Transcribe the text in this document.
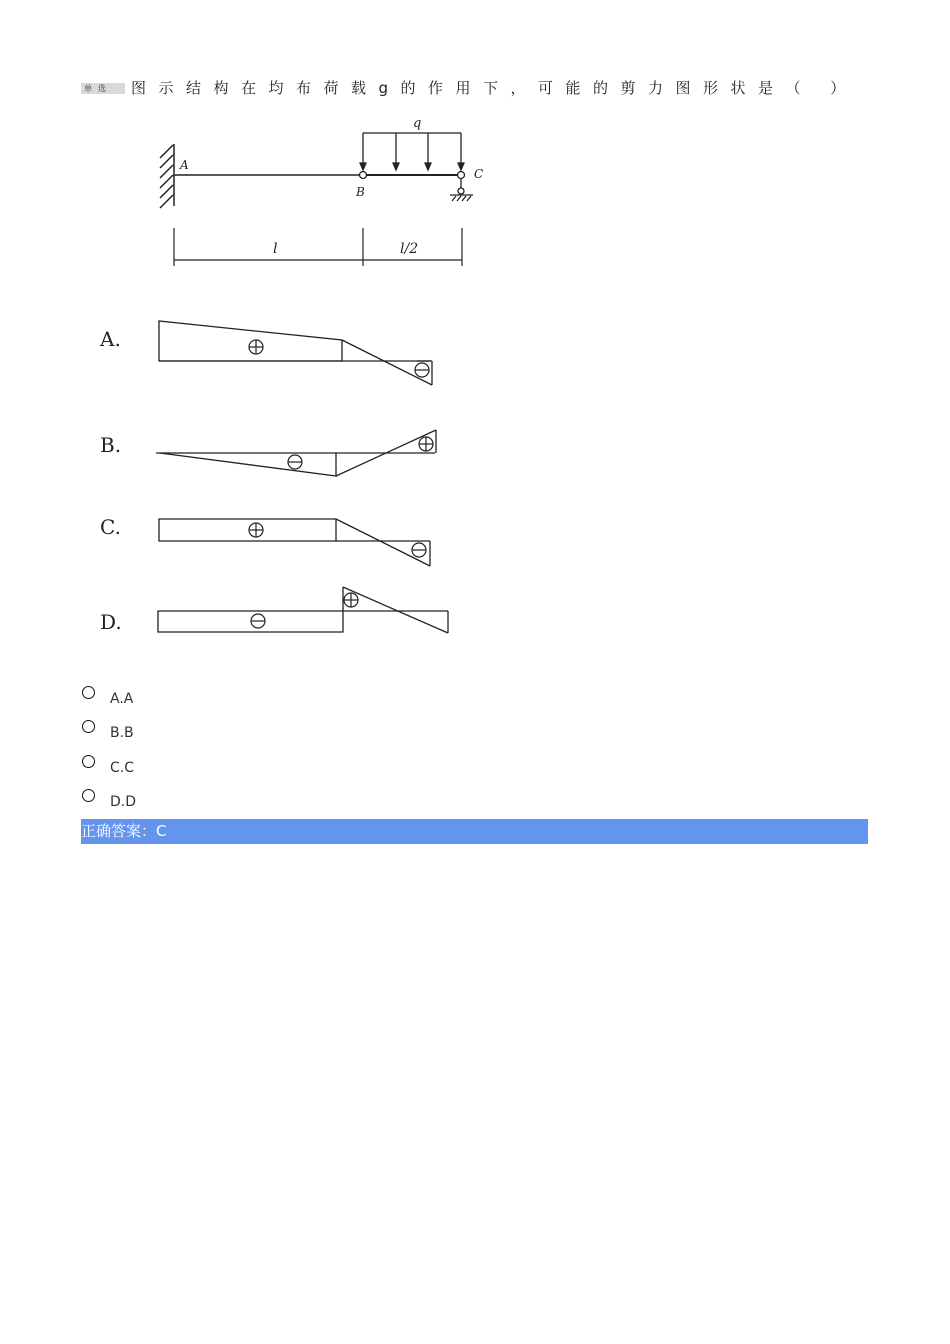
单选	图示结构在均布荷载g的作用下，可能的剪力图形状是（ ）
q
A
B
C
l	l/2
A.
B.
C.
D.
A.A
B.B
C.C
D.D
正确答案：C
